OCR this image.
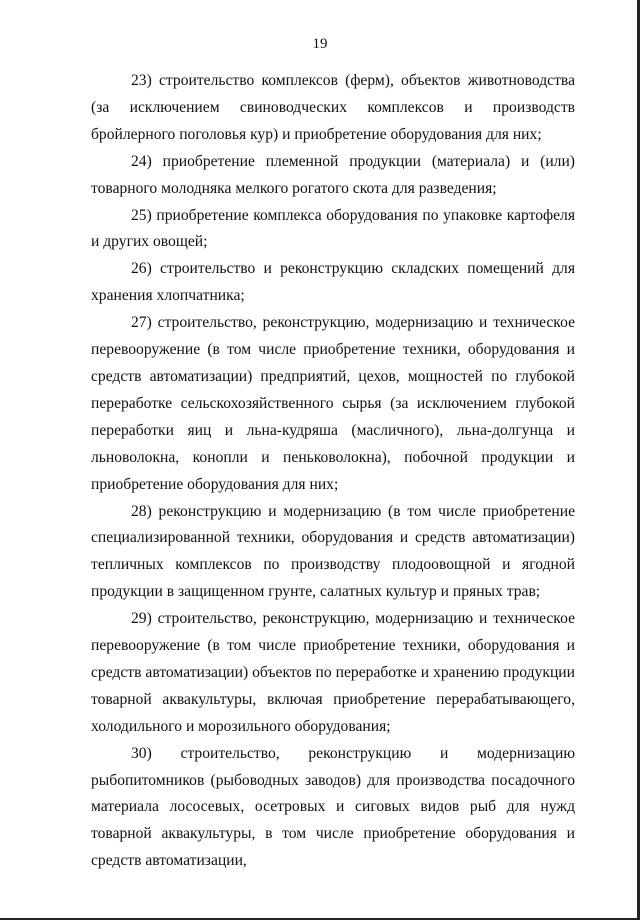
19

23) строительство комплексов (ферм), объектов животноводства (за исключением свиноводческих комплексов и производств бройлерного поголовья кур) и приобретение оборудования для них;

24) приобретение племенной продукции (материала) и (или) товарного молодняка мелкого рогатого скота для разведения;

25) приобретение комплекса оборудования по упаковке картофеля и других овощей;

26) строительство и реконструкцию складских помещений для хранения хлопчатника;

27) строительство, реконструкцию, модернизацию и техническое перевооружение (в том числе приобретение техники, оборудования и средств автоматизации) предприятий, цехов, мощностей по глубокой переработке сельскохозяйственного сырья (за исключением глубокой переработки яиц и льна-кудряша (масличного), льна-долгунца и льноволокна, конопли и пеньковолокна), побочной продукции и приобретение оборудования для них;

28) реконструкцию и модернизацию (в том числе приобретение специализированной техники, оборудования и средств автоматизации) тепличных комплексов по производству плодоовощной и ягодной продукции в защищенном грунте, салатных культур и пряных трав;

29) строительство, реконструкцию, модернизацию и техническое перевооружение (в том числе приобретение техники, оборудования и средств автоматизации) объектов по переработке и хранению продукции товарной аквакультуры, включая приобретение перерабатывающего, холодильного и морозильного оборудования;

30) строительство, реконструкцию и модернизацию рыбопитомников (рыбоводных заводов) для производства посадочного материала лососевых, осетровых и сиговых видов рыб для нужд товарной аквакультуры, в том числе приобретение оборудования и средств автоматизации,
